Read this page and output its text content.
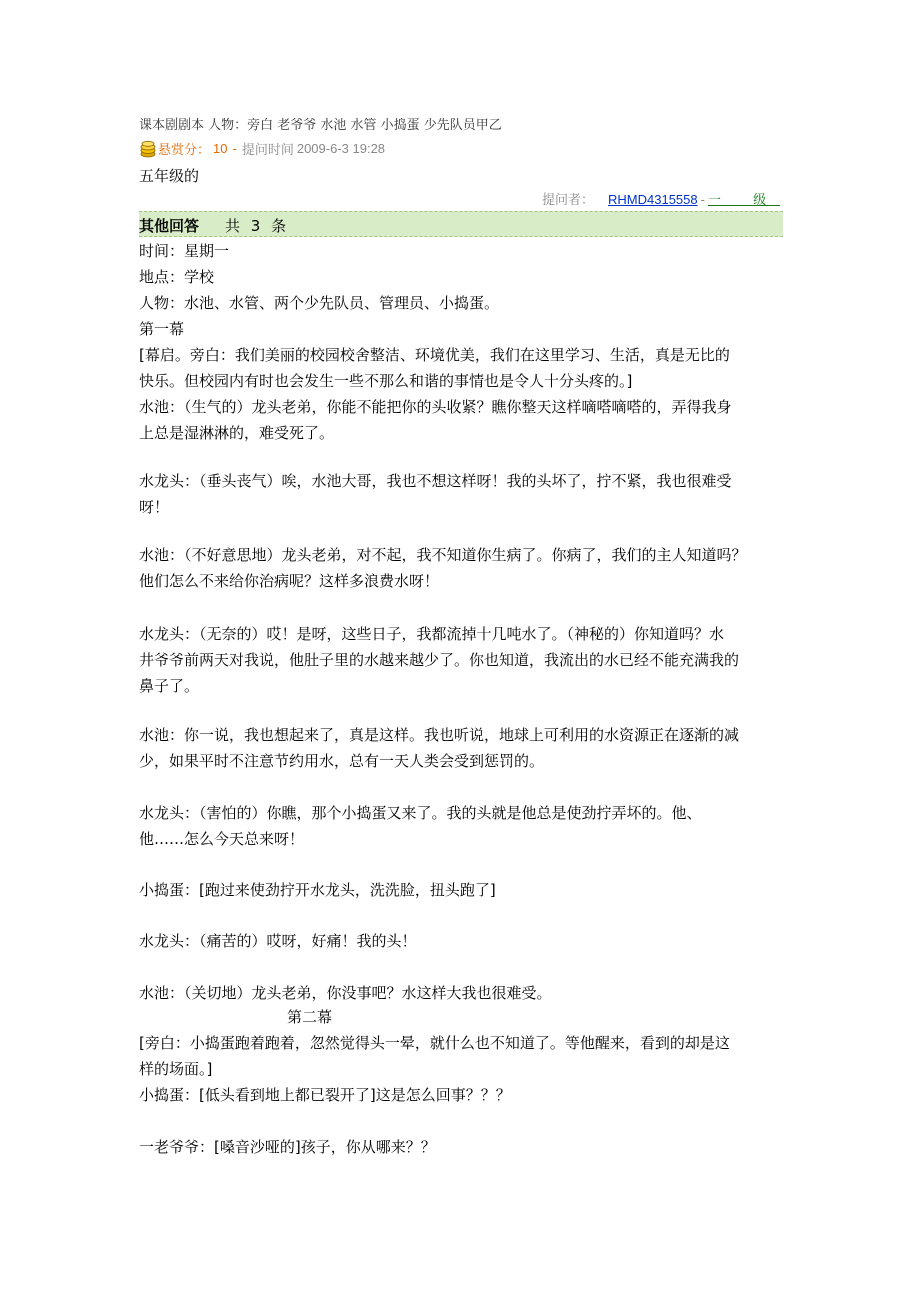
课本剧剧本 人物：旁白 老爷爷 水池 水管 小捣蛋 少先队员甲乙
悬赏分： 10 - 提问时间 2009-6-3 19:28
五年级的
提问者： RHMD4315558 - 一 级
其他回答 共 3 条
时间：星期一
地点：学校
人物：水池、水管、两个少先队员、管理员、小捣蛋。
第一幕
[幕启。旁白：我们美丽的校园校舍整洁、环境优美，我们在这里学习、生活，真是无比的
快乐。但校园内有时也会发生一些不那么和谐的事情也是令人十分头疼的。]
水池：（生气的）龙头老弟，你能不能把你的头收紧？瞧你整天这样嘀嗒嘀嗒的，弄得我身
上总是湿淋淋的，难受死了。
水龙头：（垂头丧气）唉，水池大哥，我也不想这样呀！我的头坏了，拧不紧，我也很难受
呀！
水池：（不好意思地）龙头老弟，对不起，我不知道你生病了。你病了，我们的主人知道吗？
他们怎么不来给你治病呢？这样多浪费水呀！
水龙头：（无奈的）哎！是呀，这些日子，我都流掉十几吨水了。（神秘的）你知道吗？水
井爷爷前两天对我说，他肚子里的水越来越少了。你也知道，我流出的水已经不能充满我的
鼻子了。
水池：你一说，我也想起来了，真是这样。我也听说，地球上可利用的水资源正在逐渐的减
少，如果平时不注意节约用水，总有一天人类会受到惩罚的。
水龙头：（害怕的）你瞧，那个小捣蛋又来了。我的头就是他总是使劲拧弄坏的。他、
他……怎么今天总来呀！
小捣蛋：[跑过来使劲拧开水龙头，洗洗脸，扭头跑了]
水龙头：（痛苦的）哎呀，好痛！我的头！
水池：（关切地）龙头老弟，你没事吧？水这样大我也很难受。
第二幕
[旁白：小捣蛋跑着跑着，忽然觉得头一晕，就什么也不知道了。等他醒来，看到的却是这
样的场面。]
小捣蛋：[低头看到地上都已裂开了]这是怎么回事？？？
一老爷爷：[嗓音沙哑的]孩子，你从哪来？？
